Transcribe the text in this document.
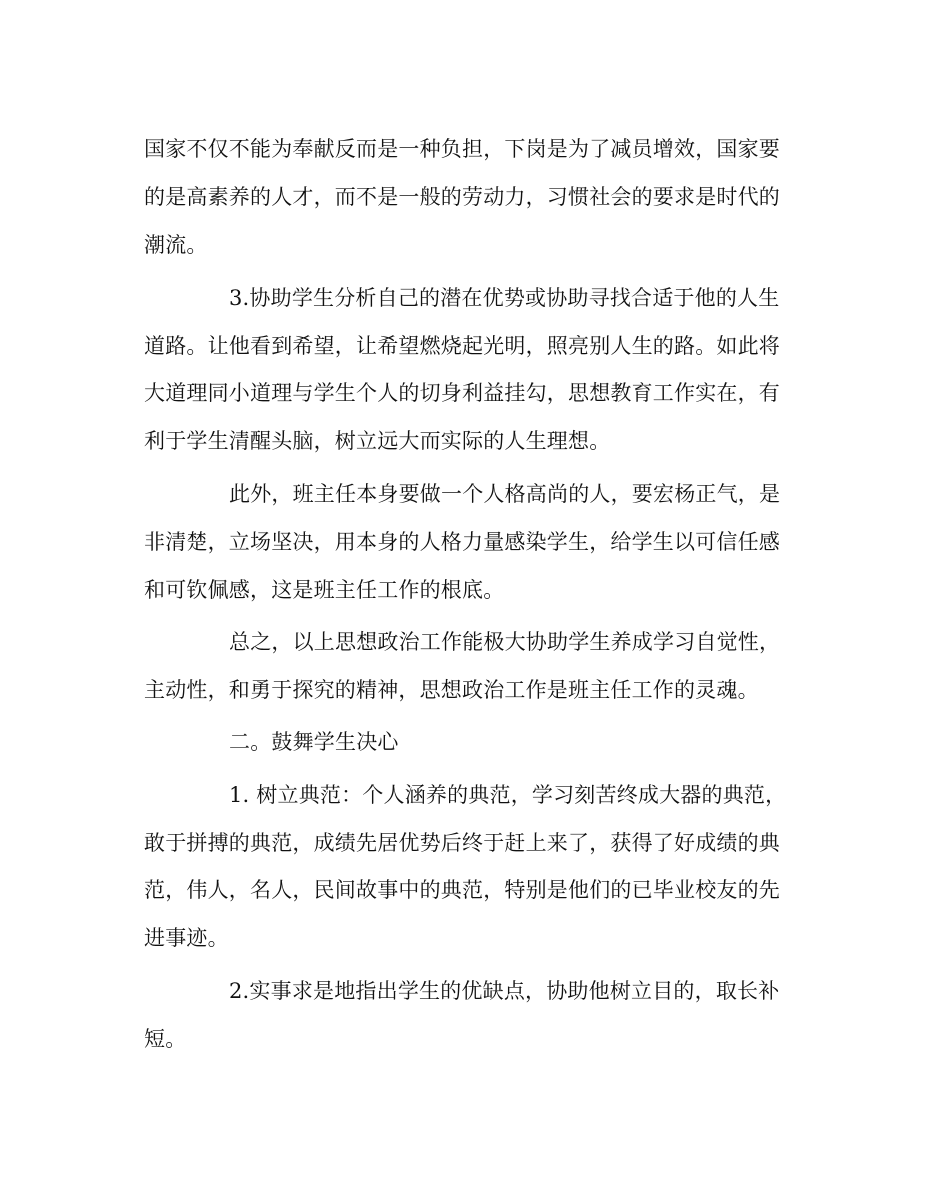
国家不仅不能为奉献反而是一种负担，下岗是为了减员增效，国家要
的是高素养的人才，而不是一般的劳动力，习惯社会的要求是时代的
潮流。
3.协助学生分析自己的潜在优势或协助寻找合适于他的人生
道路。让他看到希望，让希望燃烧起光明，照亮别人生的路。如此将
大道理同小道理与学生个人的切身利益挂勾，思想教育工作实在，有
利于学生清醒头脑，树立远大而实际的人生理想。
此外，班主任本身要做一个人格高尚的人，要宏杨正气，是
非清楚，立场坚决，用本身的人格力量感染学生，给学生以可信任感
和可钦佩感，这是班主任工作的根底。
总之，以上思想政治工作能极大协助学生养成学习自觉性，
主动性，和勇于探究的精神，思想政治工作是班主任工作的灵魂。
二。鼓舞学生决心
1. 树立典范：个人涵养的典范，学习刻苦终成大器的典范，
敢于拼搏的典范，成绩先居优势后终于赶上来了，获得了好成绩的典
范，伟人，名人，民间故事中的典范，特别是他们的已毕业校友的先
进事迹。
2.实事求是地指出学生的优缺点，协助他树立目的，取长补
短。
